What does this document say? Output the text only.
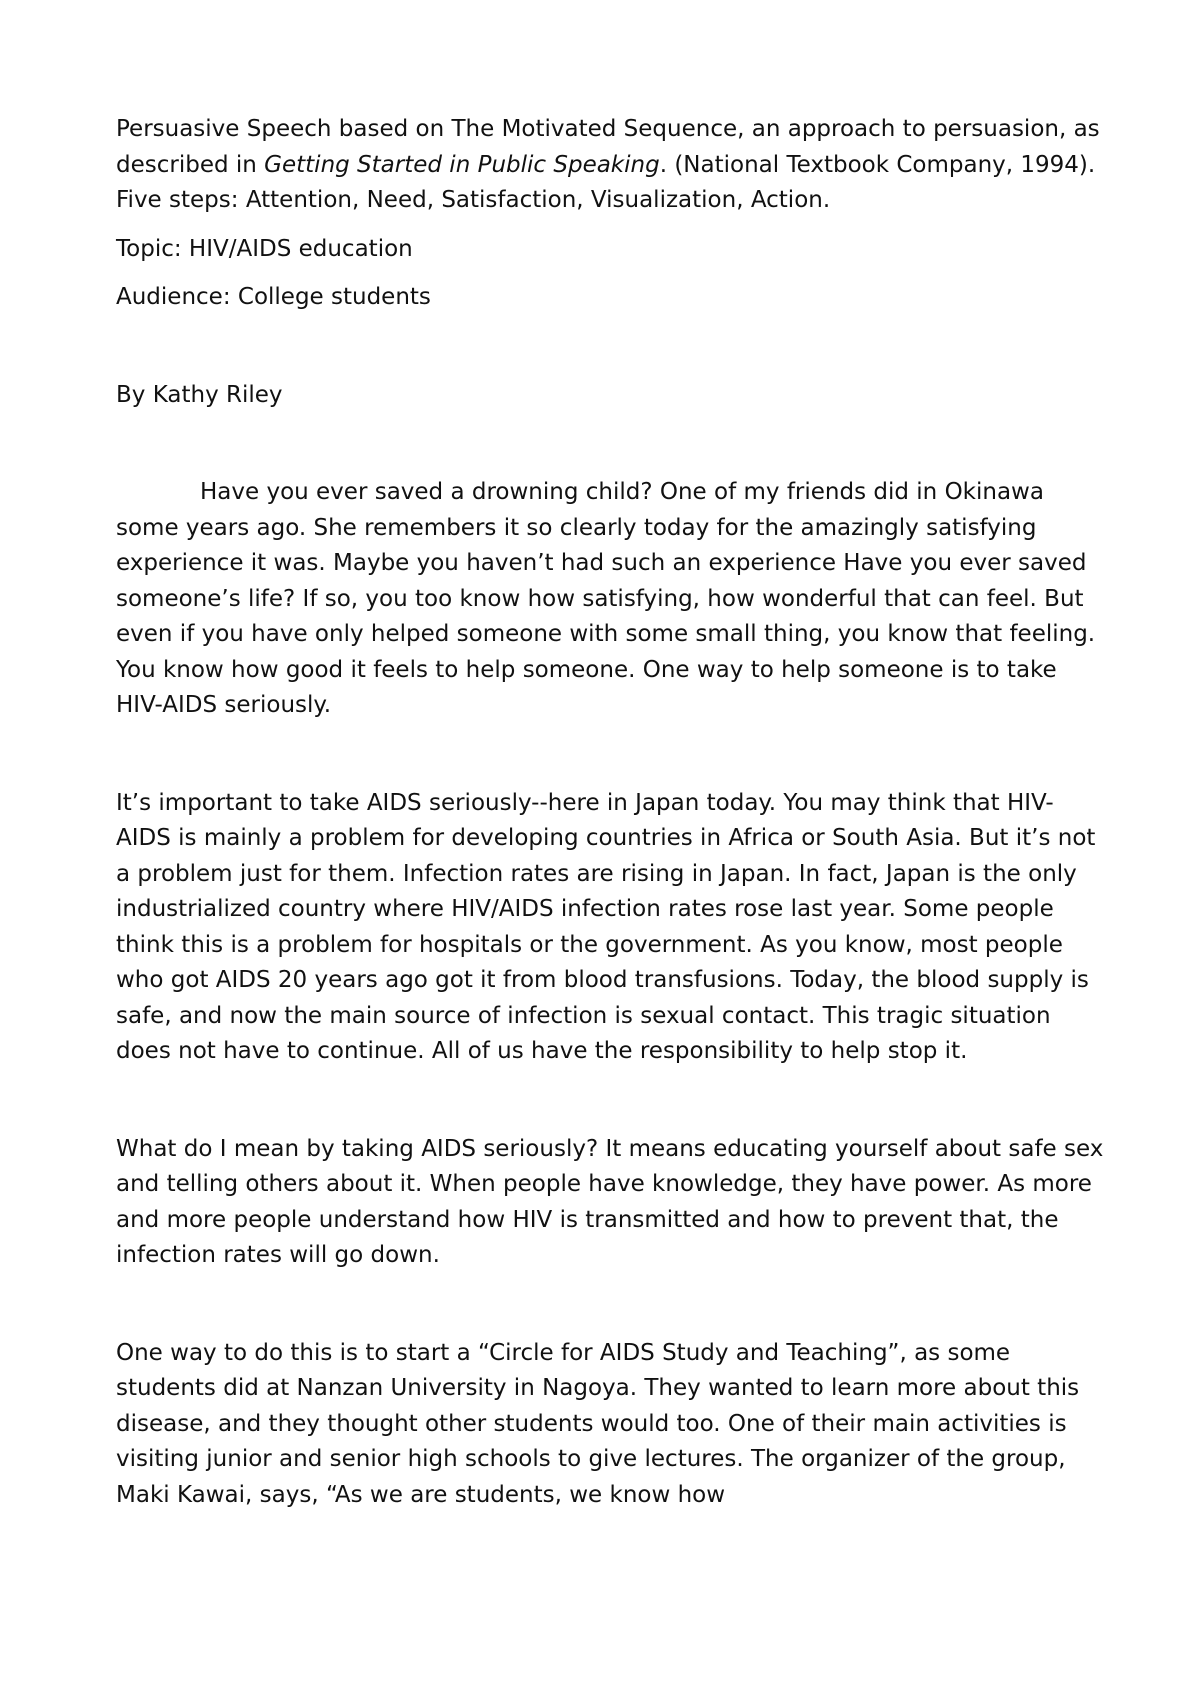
Persuasive Speech based on The Motivated Sequence, an approach to persuasion, as described in Getting Started in Public Speaking. (National Textbook Company, 1994). Five steps: Attention, Need, Satisfaction, Visualization, Action.

Topic: HIV/AIDS education

Audience: College students

By Kathy Riley

Have you ever saved a drowning child? One of my friends did in Okinawa some years ago. She remembers it so clearly today for the amazingly satisfying experience it was. Maybe you haven’t had such an experience Have you ever saved someone’s life? If so, you too know how satisfying, how wonderful that can feel. But even if you have only helped someone with some small thing, you know that feeling. You know how good it feels to help someone. One way to help someone is to take HIV-AIDS seriously.

It’s important to take AIDS seriously--here in Japan today. You may think that HIV-AIDS is mainly a problem for developing countries in Africa or South Asia. But it’s not a problem just for them. Infection rates are rising in Japan. In fact, Japan is the only industrialized country where HIV/AIDS infection rates rose last year. Some people think this is a problem for hospitals or the government. As you know, most people who got AIDS 20 years ago got it from blood transfusions. Today, the blood supply is safe, and now the main source of infection is sexual contact. This tragic situation does not have to continue. All of us have the responsibility to help stop it.

What do I mean by taking AIDS seriously? It means educating yourself about safe sex and telling others about it. When people have knowledge, they have power. As more and more people understand how HIV is transmitted and how to prevent that, the infection rates will go down.

One way to do this is to start a “Circle for AIDS Study and Teaching”, as some students did at Nanzan University in Nagoya. They wanted to learn more about this disease, and they thought other students would too. One of their main activities is visiting junior and senior high schools to give lectures. The organizer of the group, Maki Kawai, says, “As we are students, we know how
